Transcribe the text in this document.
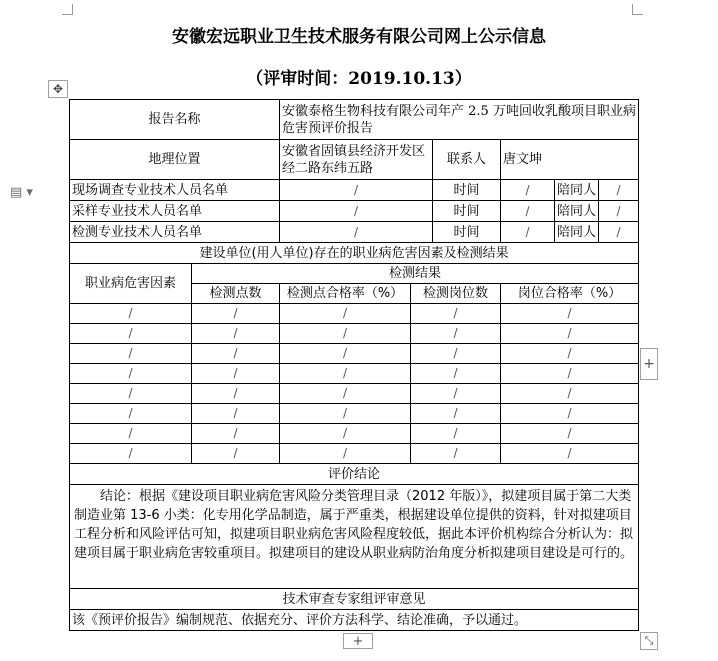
安徽宏远职业卫生技术服务有限公司网上公示信息
（评审时间：2019.10.13）
✥
▤ ▾
报告名称		安徽泰格生物科技有限公司年产 2.5 万吨回收乳酸项目职业病危害预评价报告					
地理位置		安徽省固镇县经济开发区经二路东纬五路		联系人	唐文坤		
现场调查专业技术人员名单		/		时间	/	陪同人	/
采样专业技术人员名单		/		时间	/	陪同人	/
检测专业技术人员名单		/		时间	/	陪同人	/
建设单位(用人单位)存在的职业病危害因素及检测结果							
职业病危害因素	检测结果						
	检测点数	检测点合格率（%）	检测岗位数		岗位合格率（%）		
/	/	/	/		/		
/	/	/	/		/		
/	/	/	/		/		
/	/	/	/		/		
/	/	/	/		/		
/	/	/	/		/		
/	/	/	/		/		
/	/	/	/		/		
评价结论							
结论：根据《建设项目职业病危害风险分类管理目录（2012 年版）》，拟建项目属于第二大类制造业第 13-6 小类：化专用化学品制造，属于严重类，根据建设单位提供的资料，针对拟建项目工程分析和风险评估可知，拟建项目职业病危害风险程度较低，据此本评价机构综合分析认为：拟建项目属于职业病危害较重项目。拟建项目的建设从职业病防治角度分析拟建项目建设是可行的。							
技术审查专家组评审意见							
该《预评价报告》编制规范、依据充分、评价方法科学、结论准确，予以通过。							
+
+	⤡
